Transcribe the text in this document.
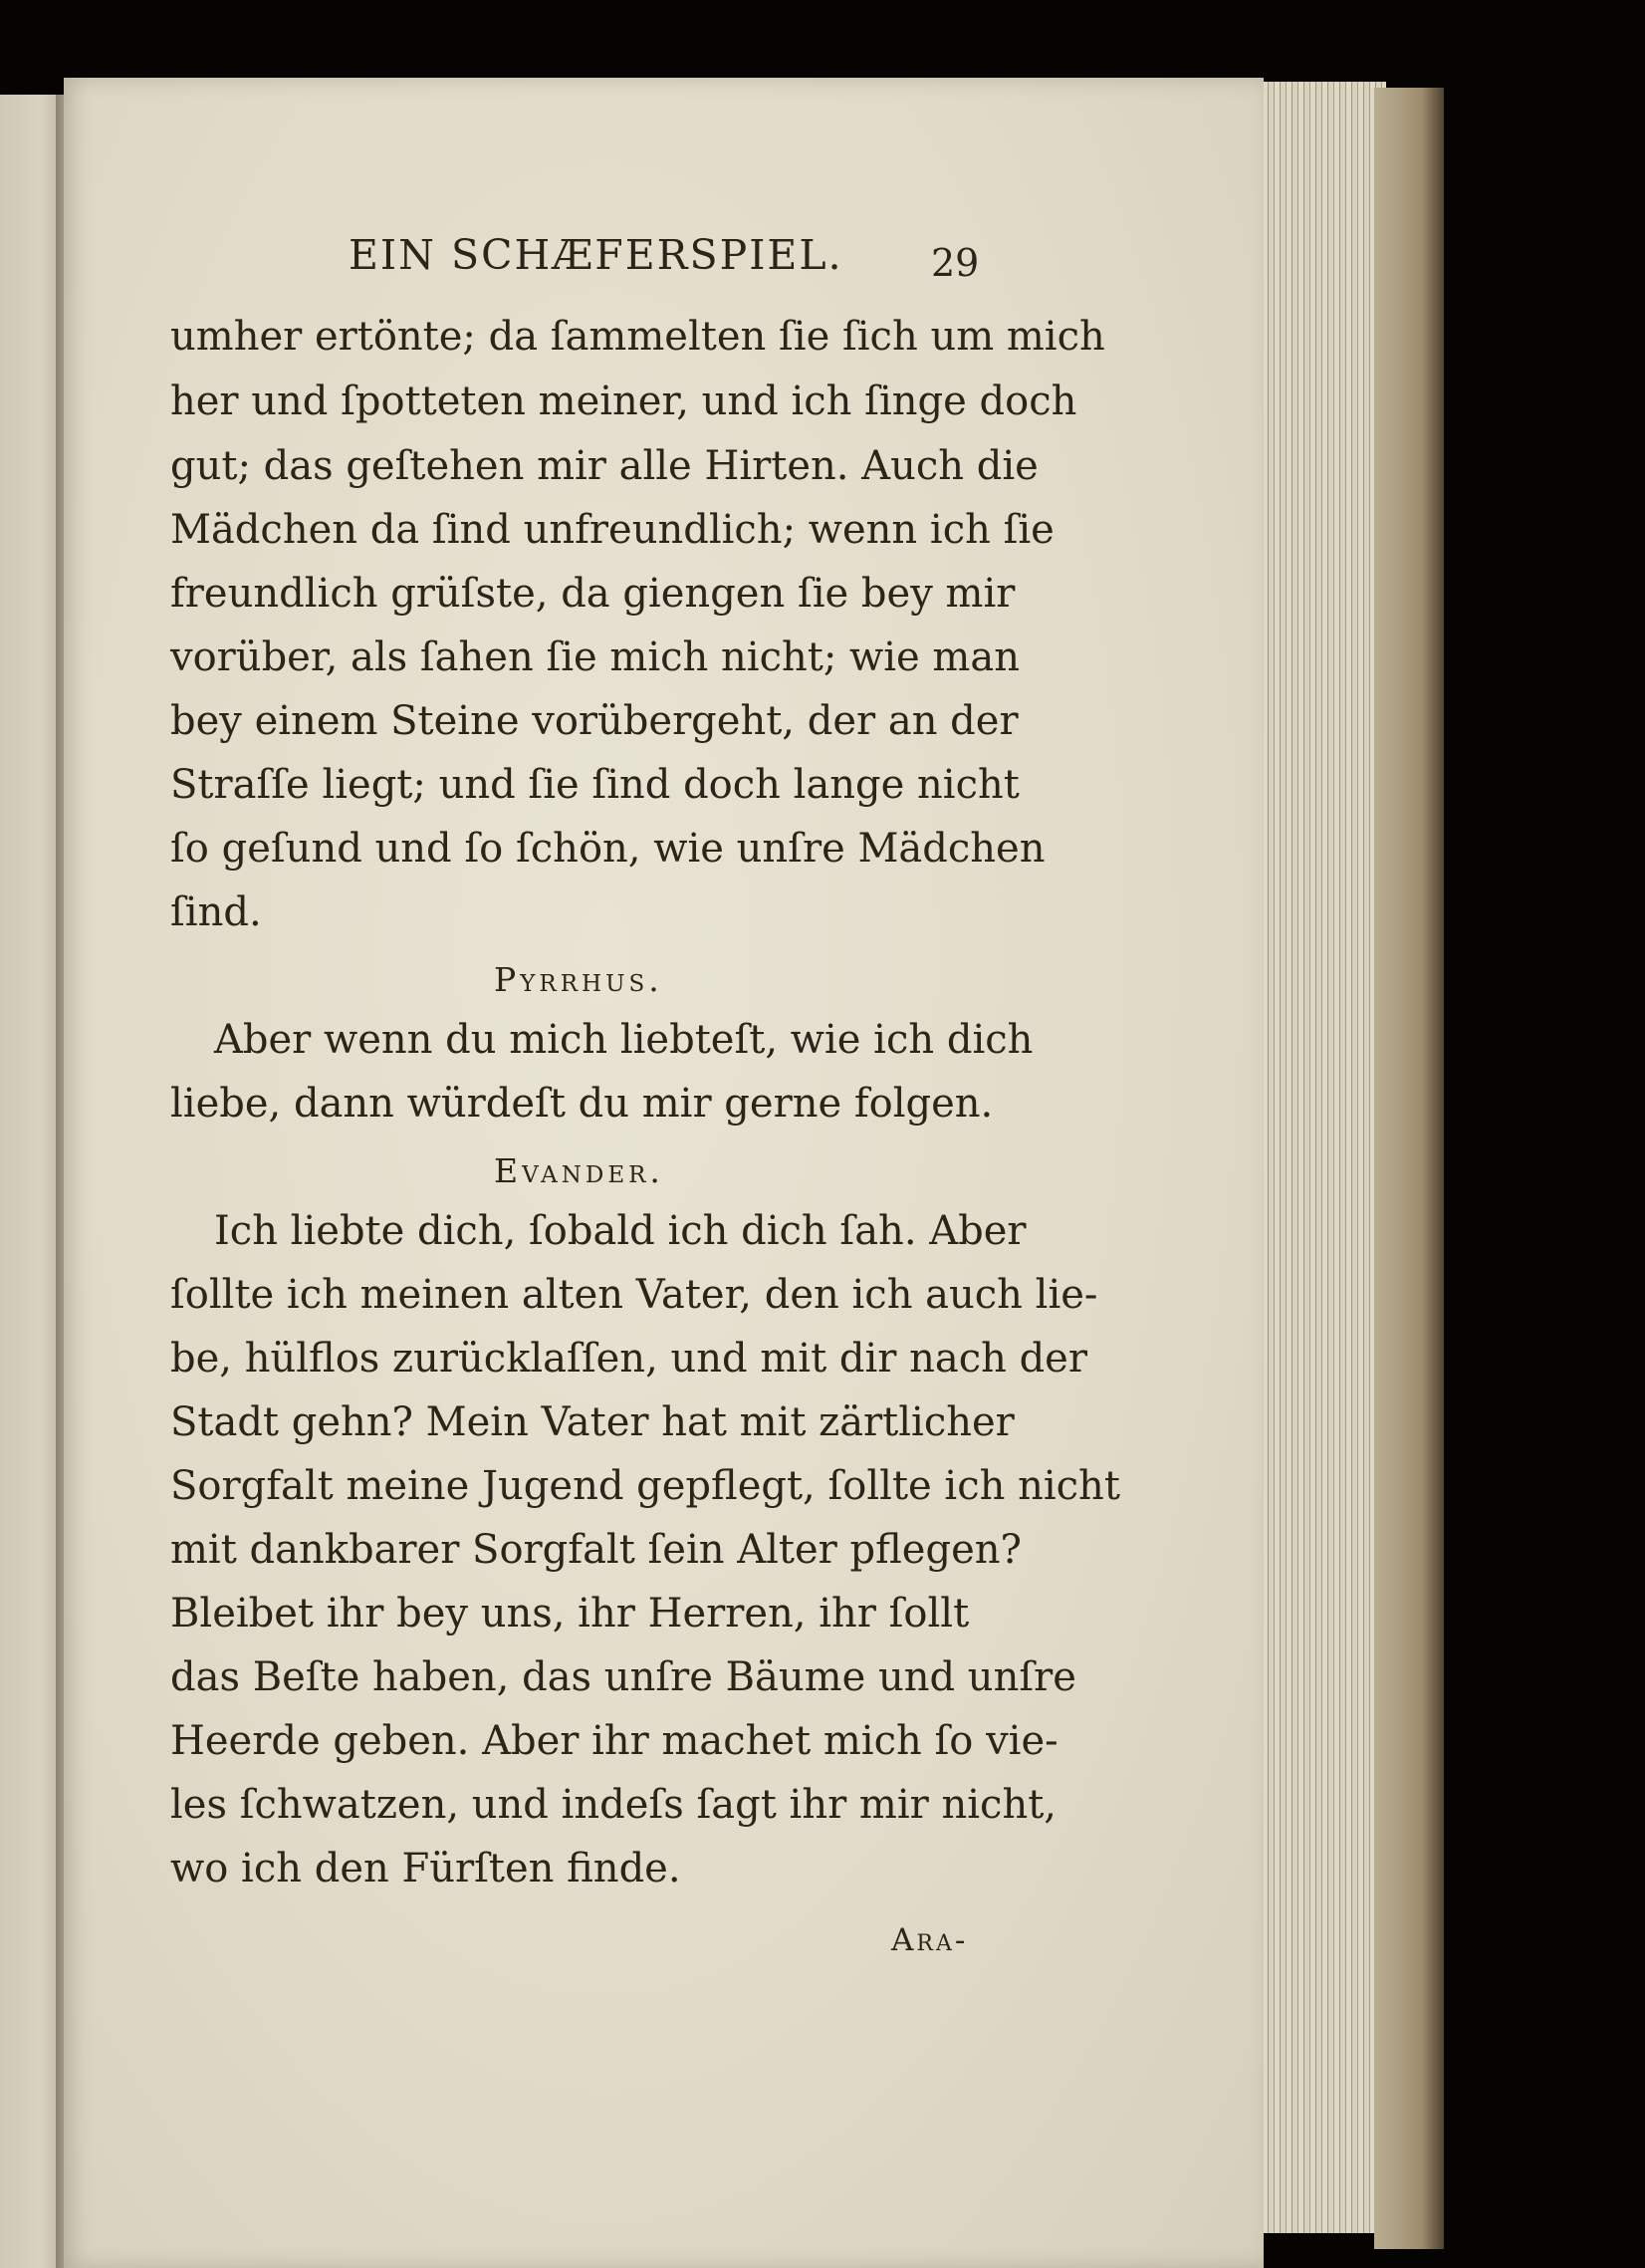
EIN SCHÆFERSPIEL. 29
umher ertönte; da ſammelten ſie ſich um mich
her und ſpotteten meiner, und ich ſinge doch
gut; das geſtehen mir alle Hirten. Auch die
Mädchen da ſind unfreundlich; wenn ich ſie
freundlich grüſste, da giengen ſie bey mir
vorüber, als ſahen ſie mich nicht; wie man
bey einem Steine vorübergeht, der an der
Straſſe liegt; und ſie ſind doch lange nicht
ſo geſund und ſo ſchön, wie unſre Mädchen
ſind.
Pyrrhus.
Aber wenn du mich liebteſt, wie ich dich
liebe, dann würdeſt du mir gerne folgen.
Evander.
Ich liebte dich, ſobald ich dich ſah. Aber
ſollte ich meinen alten Vater, den ich auch lie-
be, hülflos zurücklaſſen, und mit dir nach der
Stadt gehn? Mein Vater hat mit zärtlicher
Sorgfalt meine Jugend gepflegt, ſollte ich nicht
mit dankbarer Sorgfalt ſein Alter pflegen?
Bleibet ihr bey uns, ihr Herren, ihr ſollt
das Beſte haben, das unſre Bäume und unſre
Heerde geben. Aber ihr machet mich ſo vie-
les ſchwatzen, und indeſs ſagt ihr mir nicht,
wo ich den Fürſten finde.
Ara-
